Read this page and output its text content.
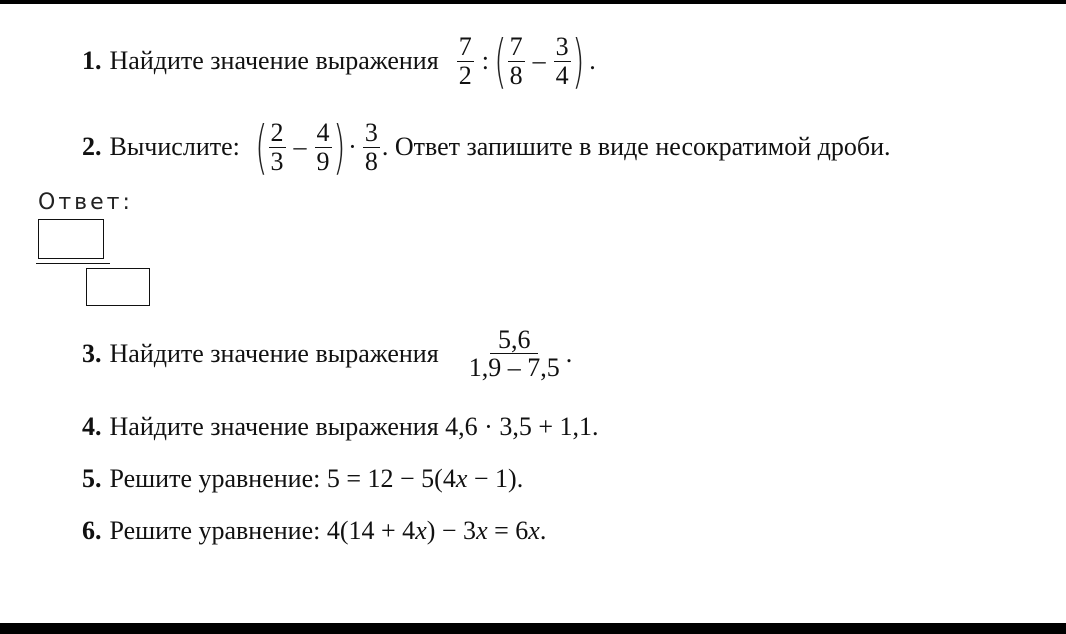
1. Найдите значение выражения $\frac{7}{2}$ : ( $\frac{7}{8} - \frac{3}{4}$ ) .
2. Вычислите: ( $\frac{2}{3} - \frac{4}{9}$ ) · $\frac{3}{8}$ . Ответ запишите в виде несократимой дроби.
Ответ:
3. Найдите значение выражения $\frac{5,6}{1,9 - 7,5}$ .
4. Найдите значение выражения 4,6 · 3,5 + 1,1.
5. Решите уравнение: 5 = 12 − 5(4x − 1).
6. Решите уравнение: 4(14 + 4x) − 3x = 6x.
